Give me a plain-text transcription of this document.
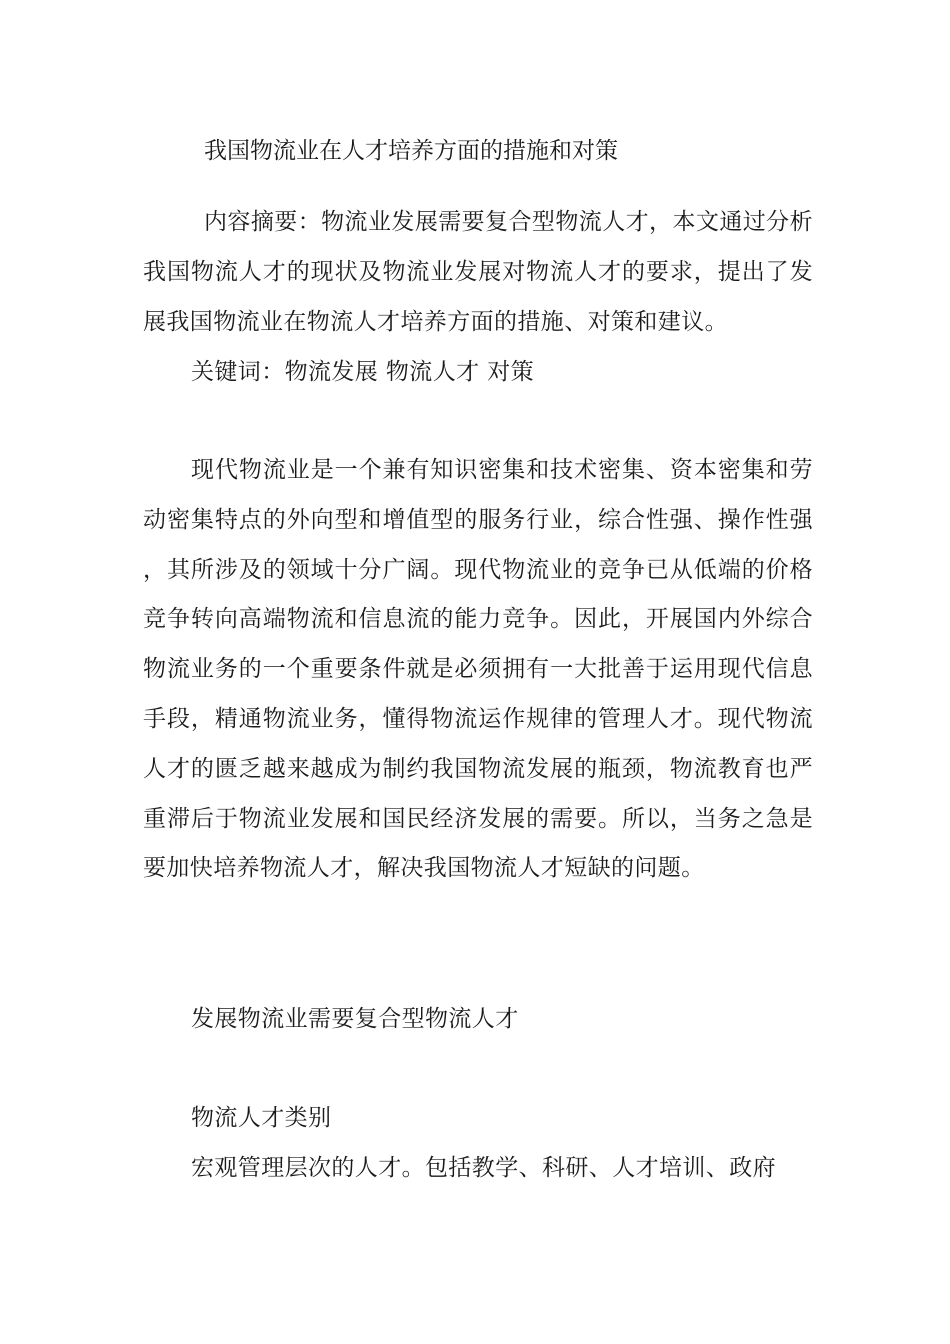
我国物流业在人才培养方面的措施和对策
内容摘要：物流业发展需要复合型物流人才，本文通过分析我国物流人才的现状及物流业发展对物流人才的要求，提出了发展我国物流业在物流人才培养方面的措施、对策和建议。
关键词：物流发展 物流人才 对策
现代物流业是一个兼有知识密集和技术密集、资本密集和劳动密集特点的外向型和增值型的服务行业，综合性强、操作性强，其所涉及的领域十分广阔。现代物流业的竞争已从低端的价格竞争转向高端物流和信息流的能力竞争。因此，开展国内外综合物流业务的一个重要条件就是必须拥有一大批善于运用现代信息手段，精通物流业务，懂得物流运作规律的管理人才。现代物流人才的匮乏越来越成为制约我国物流发展的瓶颈，物流教育也严重滞后于物流业发展和国民经济发展的需要。所以，当务之急是要加快培养物流人才，解决我国物流人才短缺的问题。
发展物流业需要复合型物流人才
物流人才类别
宏观管理层次的人才。包括教学、科研、人才培训、政府
